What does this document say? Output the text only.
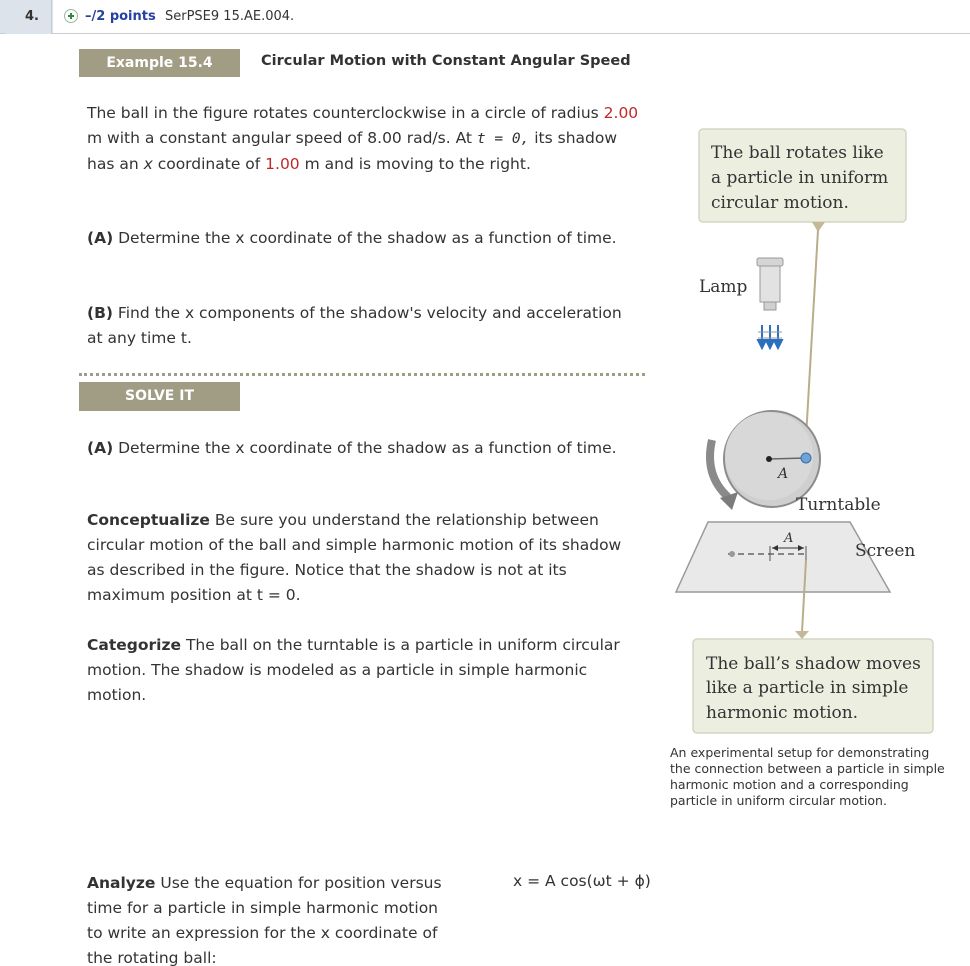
4.	–/2 points SerPSE9 15.AE.004.
Example 15.4	Circular Motion with Constant Angular Speed
The ball in the figure rotates counterclockwise in a circle of radius 2.00 m with a constant angular speed of 8.00 rad/s. At t = 0, its shadow has an x coordinate of 1.00 m and is moving to the right.
(A) Determine the x coordinate of the shadow as a function of time.
(B) Find the x components of the shadow's velocity and acceleration at any time t.
SOLVE IT
(A) Determine the x coordinate of the shadow as a function of time.
Conceptualize Be sure you understand the relationship between circular motion of the ball and simple harmonic motion of its shadow as described in the figure. Notice that the shadow is not at its maximum position at t = 0.
Categorize The ball on the turntable is a particle in uniform circular motion. The shadow is modeled as a particle in simple harmonic motion.
Analyze Use the equation for position versus time for a particle in simple harmonic motion to write an expression for the x coordinate of the rotating ball:
x = A cos(ωt + ϕ)
The ball rotates like
a particle in uniform
circular motion.
Lamp
A
Turntable
A
Screen
The ball’s shadow moves
like a particle in simple
harmonic motion.
An experimental setup for demonstrating the connection between a particle in simple harmonic motion and a corresponding particle in uniform circular motion.
